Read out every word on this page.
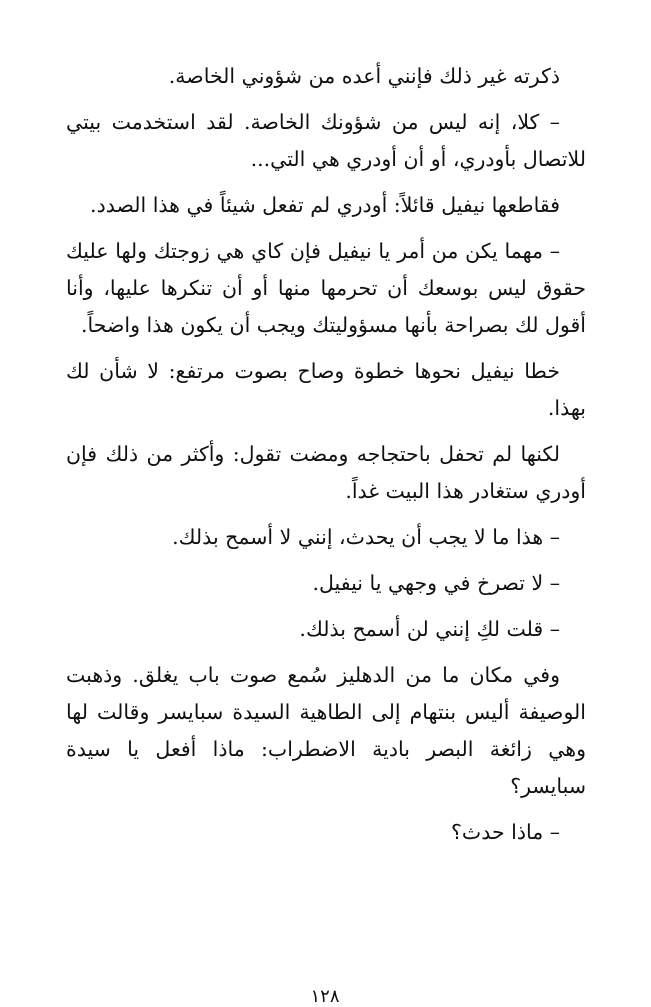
ذكرته غير ذلك فإنني أعده من شؤوني الخاصة.

– كلا، إنه ليس من شؤونك الخاصة. لقد استخدمت بيتي للاتصال بأودري، أو أن أودري هي التي...

فقاطعها نيفيل قائلاً: أودري لم تفعل شيئاً في هذا الصدد.

– مهما يكن من أمر يا نيفيل فإن كاي هي زوجتك ولها عليك حقوق ليس بوسعك أن تحرمها منها أو أن تنكرها عليها، وأنا أقول لك بصراحة بأنها مسؤوليتك ويجب أن يكون هذا واضحاً.

خطا نيفيل نحوها خطوة وصاح بصوت مرتفع: لا شأن لك بهذا.

لكنها لم تحفل باحتجاجه ومضت تقول: وأكثر من ذلك فإن أودري ستغادر هذا البيت غداً.

– هذا ما لا يجب أن يحدث، إنني لا أسمح بذلك.

– لا تصرخ في وجهي يا نيفيل.

– قلت لكِ إنني لن أسمح بذلك.

وفي مكان ما من الدهليز سُمع صوت باب يغلق. وذهبت الوصيفة أليس بنتهام إلى الطاهية السيدة سبايسر وقالت لها وهي زائغة البصر بادية الاضطراب: ماذا أفعل يا سيدة سبايسر؟

– ماذا حدث؟

١٢٨
